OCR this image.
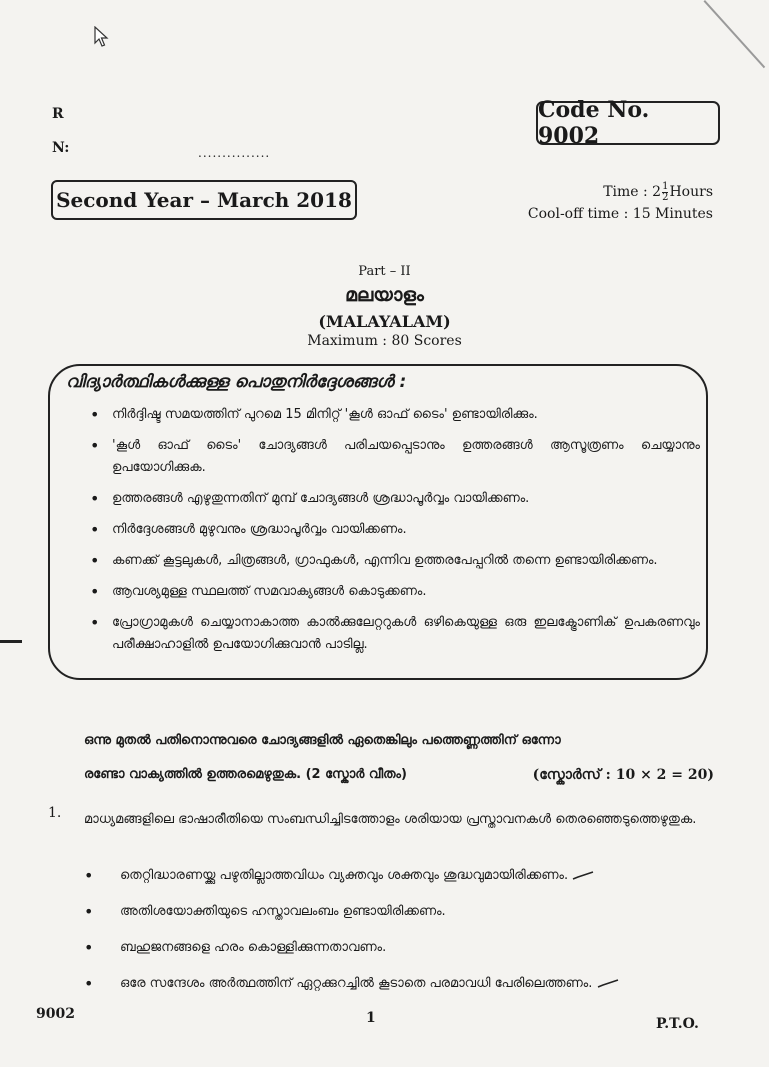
R
N:	...............
Code No. 9002
Second Year – March 2018	Time : $2 \frac{1}{2}$ Hours
Cool-off time : 15 Minutes
Part – II
മലയാളം
(MALAYALAM)
Maximum : 80 Scores
വിദ്യാർത്ഥികൾക്കുള്ള പൊതുനിർദ്ദേശങ്ങൾ :
• നിർദ്ദിഷ്ട സമയത്തിന് പുറമെ 15 മിനിറ്റ് 'കൂൾ ഓഫ് ടൈം' ഉണ്ടായിരിക്കും.
• 'കൂൾ ഓഫ് ടൈം' ചോദ്യങ്ങൾ പരിചയപ്പെടാനും ഉത്തരങ്ങൾ ആസൂത്രണം ചെയ്യാനും ഉപയോഗിക്കുക.
• ഉത്തരങ്ങൾ എഴുതുന്നതിന് മുമ്പ് ചോദ്യങ്ങൾ ശ്രദ്ധാപൂർവ്വം വായിക്കണം.
• നിർദ്ദേശങ്ങൾ മുഴുവനും ശ്രദ്ധാപൂർവ്വം വായിക്കണം.
• കണക്ക് കൂട്ടലുകൾ, ചിത്രങ്ങൾ, ഗ്രാഫുകൾ, എന്നിവ ഉത്തരപേപ്പറിൽ തന്നെ ഉണ്ടായിരിക്കണം.
• ആവശ്യമുള്ള സ്ഥലത്ത് സമവാക്യങ്ങൾ കൊടുക്കണം.
• പ്രോഗ്രാമുകൾ ചെയ്യാനാകാത്ത കാൽക്കുലേറ്ററുകൾ ഒഴികെയുള്ള ഒരു ഇലക്ട്രോണിക് ഉപകരണവും പരീക്ഷാഹാളിൽ ഉപയോഗിക്കുവാൻ പാടില്ല.
ഒന്നു മുതൽ പതിനൊന്നുവരെ ചോദ്യങ്ങളിൽ ഏതെങ്കിലും പത്തെണ്ണത്തിന് ഒന്നോ
രണ്ടോ വാക്യത്തിൽ ഉത്തരമെഴുതുക. (2 സ്കോർ വീതം)	(സ്കോർസ് : 10 × 2 = 20)
1. മാധ്യമങ്ങളിലെ ഭാഷാരീതിയെ സംബന്ധിച്ചിടത്തോളം ശരിയായ പ്രസ്താവനകൾ തെരഞ്ഞെടുത്തെഴുതുക.
• തെറ്റിദ്ധാരണയ്ക്കു പഴുതില്ലാത്തവിധം വ്യക്തവും ശക്തവും ശുദ്ധവുമായിരിക്കണം.
• അതിശയോക്തിയുടെ ഹസ്താവലംബം ഉണ്ടായിരിക്കണം.
• ബഹുജനങ്ങളെ ഹരം കൊള്ളിക്കുന്നതാവണം.
• ഒരേ സന്ദേശം അർത്ഥത്തിന് ഏറ്റക്കുറച്ചിൽ കൂടാതെ പരമാവധി പേരിലെത്തണം.
9002	1	P.T.O.
